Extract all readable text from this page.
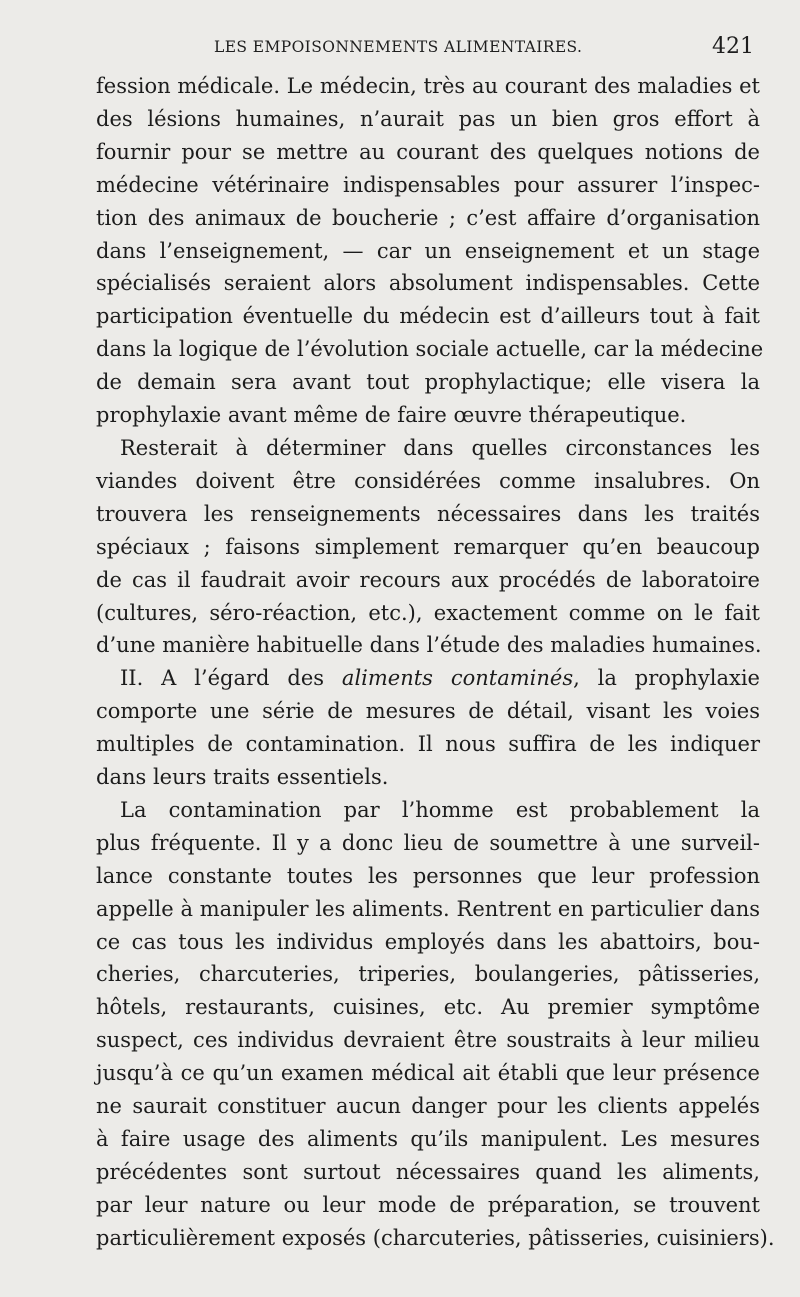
LES EMPOISONNEMENTS ALIMENTAIRES.	421
fession médicale. Le médecin, très au courant des maladies et
des lésions humaines, n’aurait pas un bien gros effort à
fournir pour se mettre au courant des quelques notions de
médecine vétérinaire indispensables pour assurer l’inspec-
tion des animaux de boucherie ; c’est affaire d’organisation
dans l’enseignement, — car un enseignement et un stage
spécialisés seraient alors absolument indispensables. Cette
participation éventuelle du médecin est d’ailleurs tout à fait
dans la logique de l’évolution sociale actuelle, car la médecine
de demain sera avant tout prophylactique; elle visera la
prophylaxie avant même de faire œuvre thérapeutique.
Resterait à déterminer dans quelles circonstances les
viandes doivent être considérées comme insalubres. On
trouvera les renseignements nécessaires dans les traités
spéciaux ; faisons simplement remarquer qu’en beaucoup
de cas il faudrait avoir recours aux procédés de laboratoire
(cultures, séro-réaction, etc.), exactement comme on le fait
d’une manière habituelle dans l’étude des maladies humaines.
II. A l’égard des aliments contaminés, la prophylaxie
comporte une série de mesures de détail, visant les voies
multiples de contamination. Il nous suffira de les indiquer
dans leurs traits essentiels.
La contamination par l’homme est probablement la
plus fréquente. Il y a donc lieu de soumettre à une surveil-
lance constante toutes les personnes que leur profession
appelle à manipuler les aliments. Rentrent en particulier dans
ce cas tous les individus employés dans les abattoirs, bou-
cheries, charcuteries, triperies, boulangeries, pâtisseries,
hôtels, restaurants, cuisines, etc. Au premier symptôme
suspect, ces individus devraient être soustraits à leur milieu
jusqu’à ce qu’un examen médical ait établi que leur présence
ne saurait constituer aucun danger pour les clients appelés
à faire usage des aliments qu’ils manipulent. Les mesures
précédentes sont surtout nécessaires quand les aliments,
par leur nature ou leur mode de préparation, se trouvent
particulièrement exposés (charcuteries, pâtisseries, cuisiniers).
